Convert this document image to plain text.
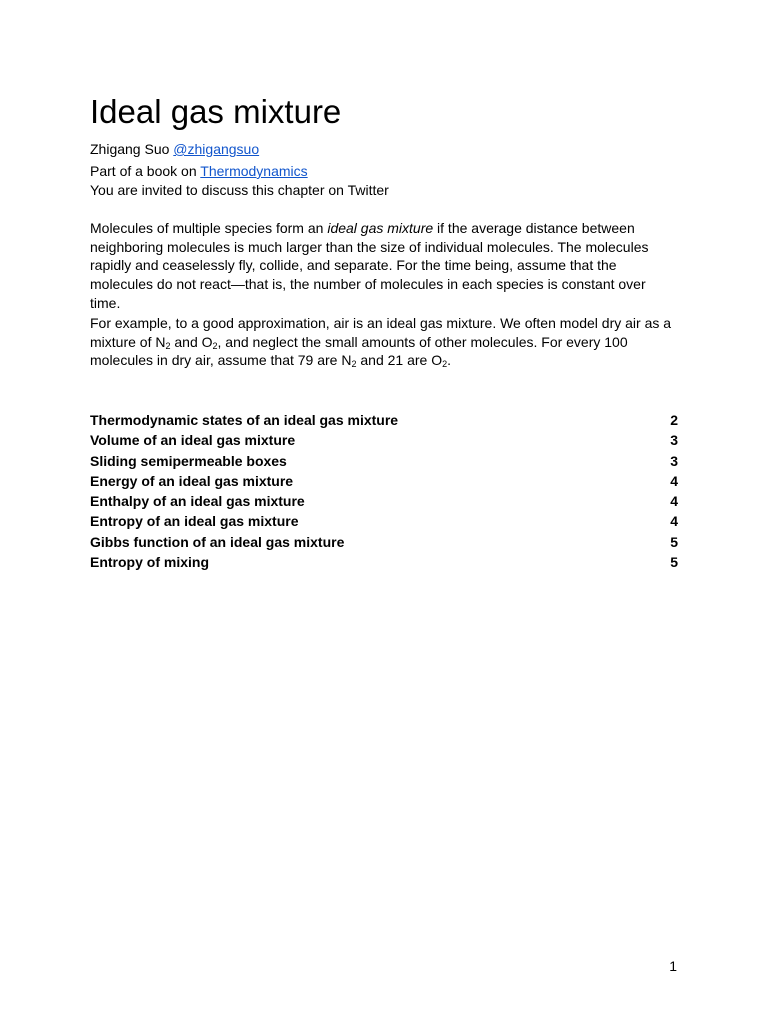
Ideal gas mixture
Zhigang Suo @zhigangsuo
Part of a book on Thermodynamics
You are invited to discuss this chapter on Twitter

Molecules of multiple species form an ideal gas mixture if the average distance between neighboring molecules is much larger than the size of individual molecules. The molecules rapidly and ceaselessly fly, collide, and separate. For the time being, assume that the molecules do not react—that is, the number of molecules in each species is constant over time.

For example, to a good approximation, air is an ideal gas mixture. We often model dry air as a mixture of $N_2$ and $O_2$, and neglect the small amounts of other molecules. For every 100 molecules in dry air, assume that 79 are $N_2$ and 21 are $O_2$.

Thermodynamic states of an ideal gas mixture	2
Volume of an ideal gas mixture	3
Sliding semipermeable boxes	3
Energy of an ideal gas mixture	4
Enthalpy of an ideal gas mixture	4
Entropy of an ideal gas mixture	4
Gibbs function of an ideal gas mixture	5
Entropy of mixing	5
1
